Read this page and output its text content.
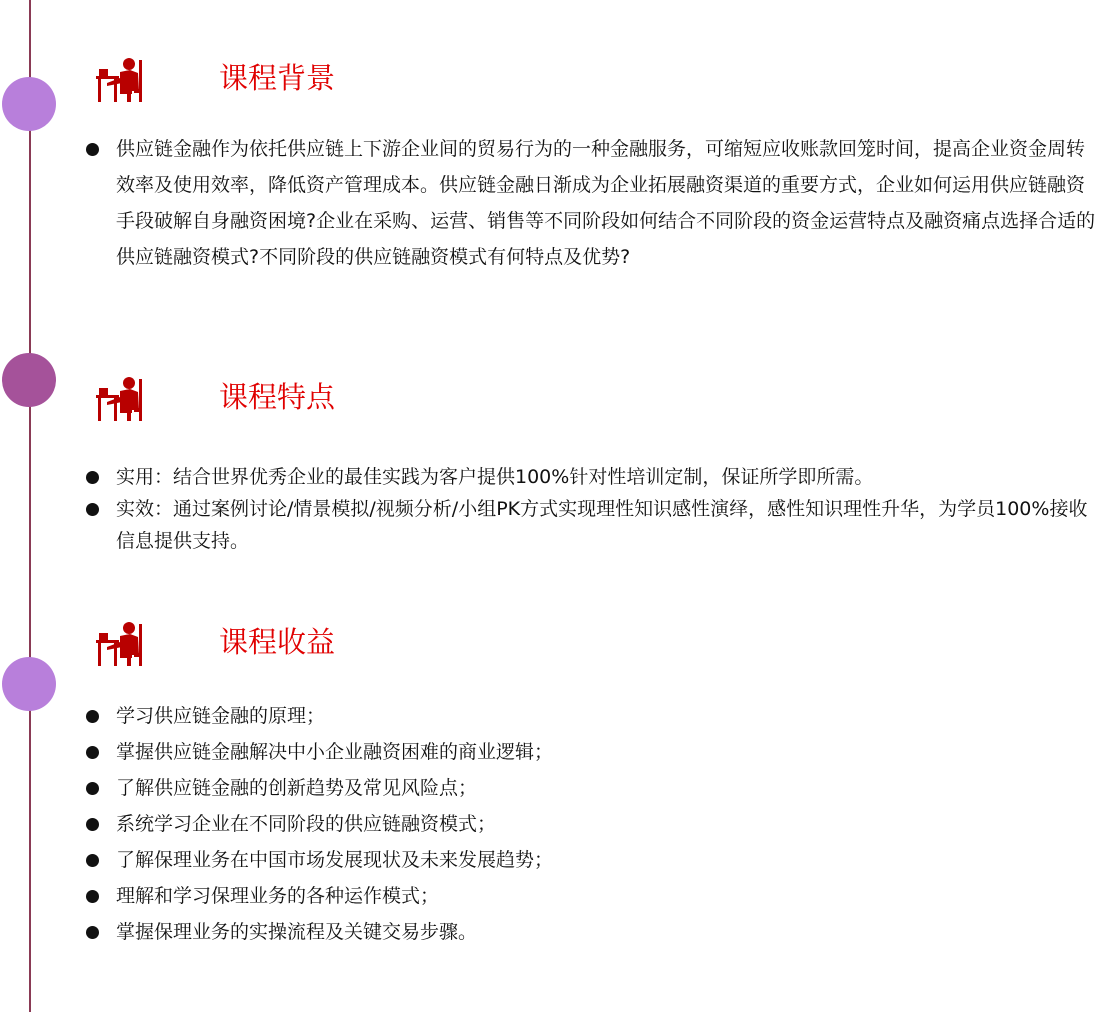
课程背景
供应链金融作为依托供应链上下游企业间的贸易行为的一种金融服务，可缩短应收账款回笼时间，提高企业资金周转效率及使用效率，降低资产管理成本。供应链金融日渐成为企业拓展融资渠道的重要方式，企业如何运用供应链融资手段破解自身融资困境?企业在采购、运营、销售等不同阶段如何结合不同阶段的资金运营特点及融资痛点选择合适的供应链融资模式?不同阶段的供应链融资模式有何特点及优势?
课程特点
实用：结合世界优秀企业的最佳实践为客户提供100%针对性培训定制，保证所学即所需。
实效：通过案例讨论/情景模拟/视频分析/小组PK方式实现理性知识感性演绎，感性知识理性升华，为学员100%接收信息提供支持。
课程收益
学习供应链金融的原理；
掌握供应链金融解决中小企业融资困难的商业逻辑；
了解供应链金融的创新趋势及常见风险点；
系统学习企业在不同阶段的供应链融资模式；
了解保理业务在中国市场发展现状及未来发展趋势；
理解和学习保理业务的各种运作模式；
掌握保理业务的实操流程及关键交易步骤。
